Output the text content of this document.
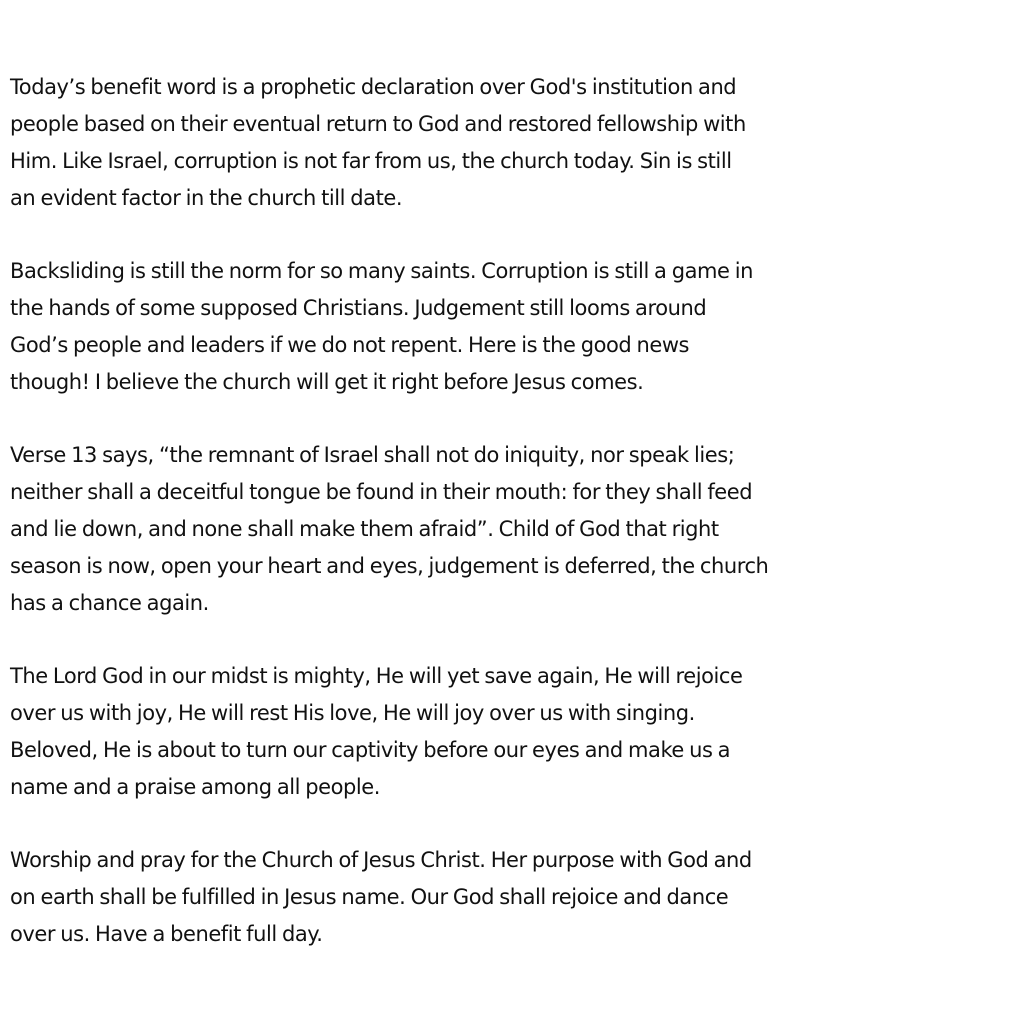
Today’s benefit word is a prophetic declaration over God's institution and
people based on their eventual return to God and restored fellowship with
Him. Like Israel, corruption is not far from us, the church today. Sin is still
an evident factor in the church till date.

Backsliding is still the norm for so many saints. Corruption is still a game in
the hands of some supposed Christians. Judgement still looms around
God’s people and leaders if we do not repent. Here is the good news
though! I believe the church will get it right before Jesus comes.

Verse 13 says, “the remnant of Israel shall not do iniquity, nor speak lies;
neither shall a deceitful tongue be found in their mouth: for they shall feed
and lie down, and none shall make them afraid”. Child of God that right
season is now, open your heart and eyes, judgement is deferred, the church
has a chance again.

The Lord God in our midst is mighty, He will yet save again, He will rejoice
over us with joy, He will rest His love, He will joy over us with singing.
Beloved, He is about to turn our captivity before our eyes and make us a
name and a praise among all people.

Worship and pray for the Church of Jesus Christ. Her purpose with God and
on earth shall be fulfilled in Jesus name. Our God shall rejoice and dance
over us. Have a benefit full day.
